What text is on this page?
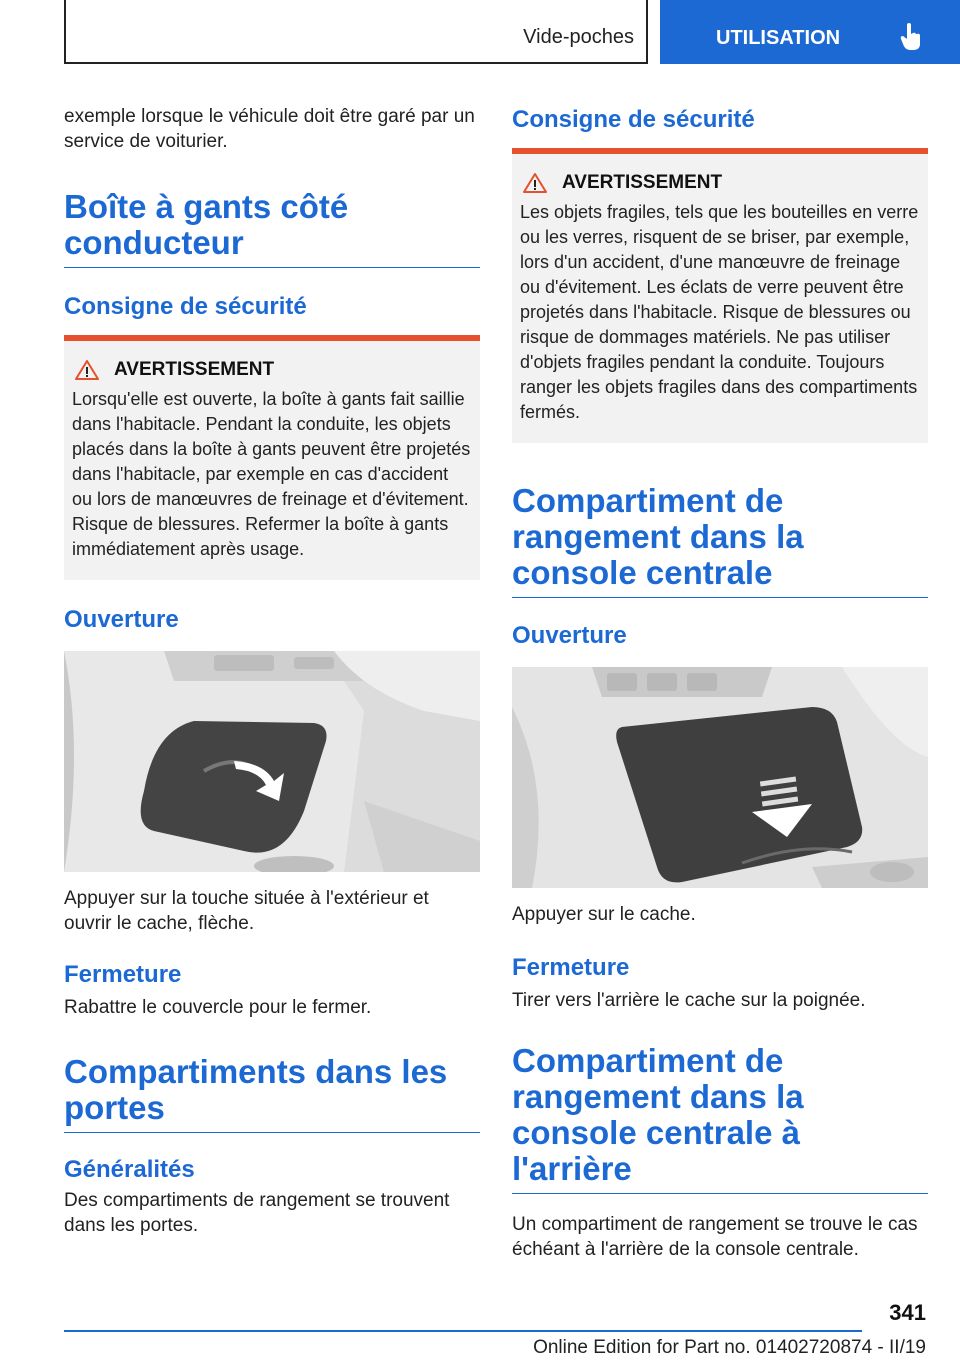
Vide-poches	UTILISATION

exemple lorsque le véhicule doit être garé par un service de voiturier.

Boîte à gants côté conducteur
Consigne de sécurité
AVERTISSEMENT

Lorsqu'elle est ouverte, la boîte à gants fait saillie dans l'habitacle. Pendant la conduite, les objets placés dans la boîte à gants peuvent être projetés dans l'habitacle, par exemple en cas d'accident ou lors de manœuvres de freinage et d'évitement. Risque de blessures. Refermer la boîte à gants immédiatement après usage.

Ouverture

Appuyer sur la touche située à l'extérieur et ouvrir le cache, flèche.

Fermeture

Rabattre le couvercle pour le fermer.

Compartiments dans les portes
Généralités

Des compartiments de rangement se trouvent dans les portes.

Consigne de sécurité
AVERTISSEMENT

Les objets fragiles, tels que les bouteilles en verre ou les verres, risquent de se briser, par exemple, lors d'un accident, d'une manœuvre de freinage ou d'évitement. Les éclats de verre peuvent être projetés dans l'habitacle. Risque de blessures ou risque de dommages matériels. Ne pas utiliser d'objets fragiles pendant la conduite. Toujours ranger les objets fragiles dans des compartiments fermés.

Compartiment de rangement dans la console centrale
Ouverture

Appuyer sur le cache.

Fermeture

Tirer vers l'arrière le cache sur la poignée.

Compartiment de rangement dans la console centrale à l'arrière

Un compartiment de rangement se trouve le cas échéant à l'arrière de la console centrale.

341
Online Edition for Part no. 01402720874 - II/19
